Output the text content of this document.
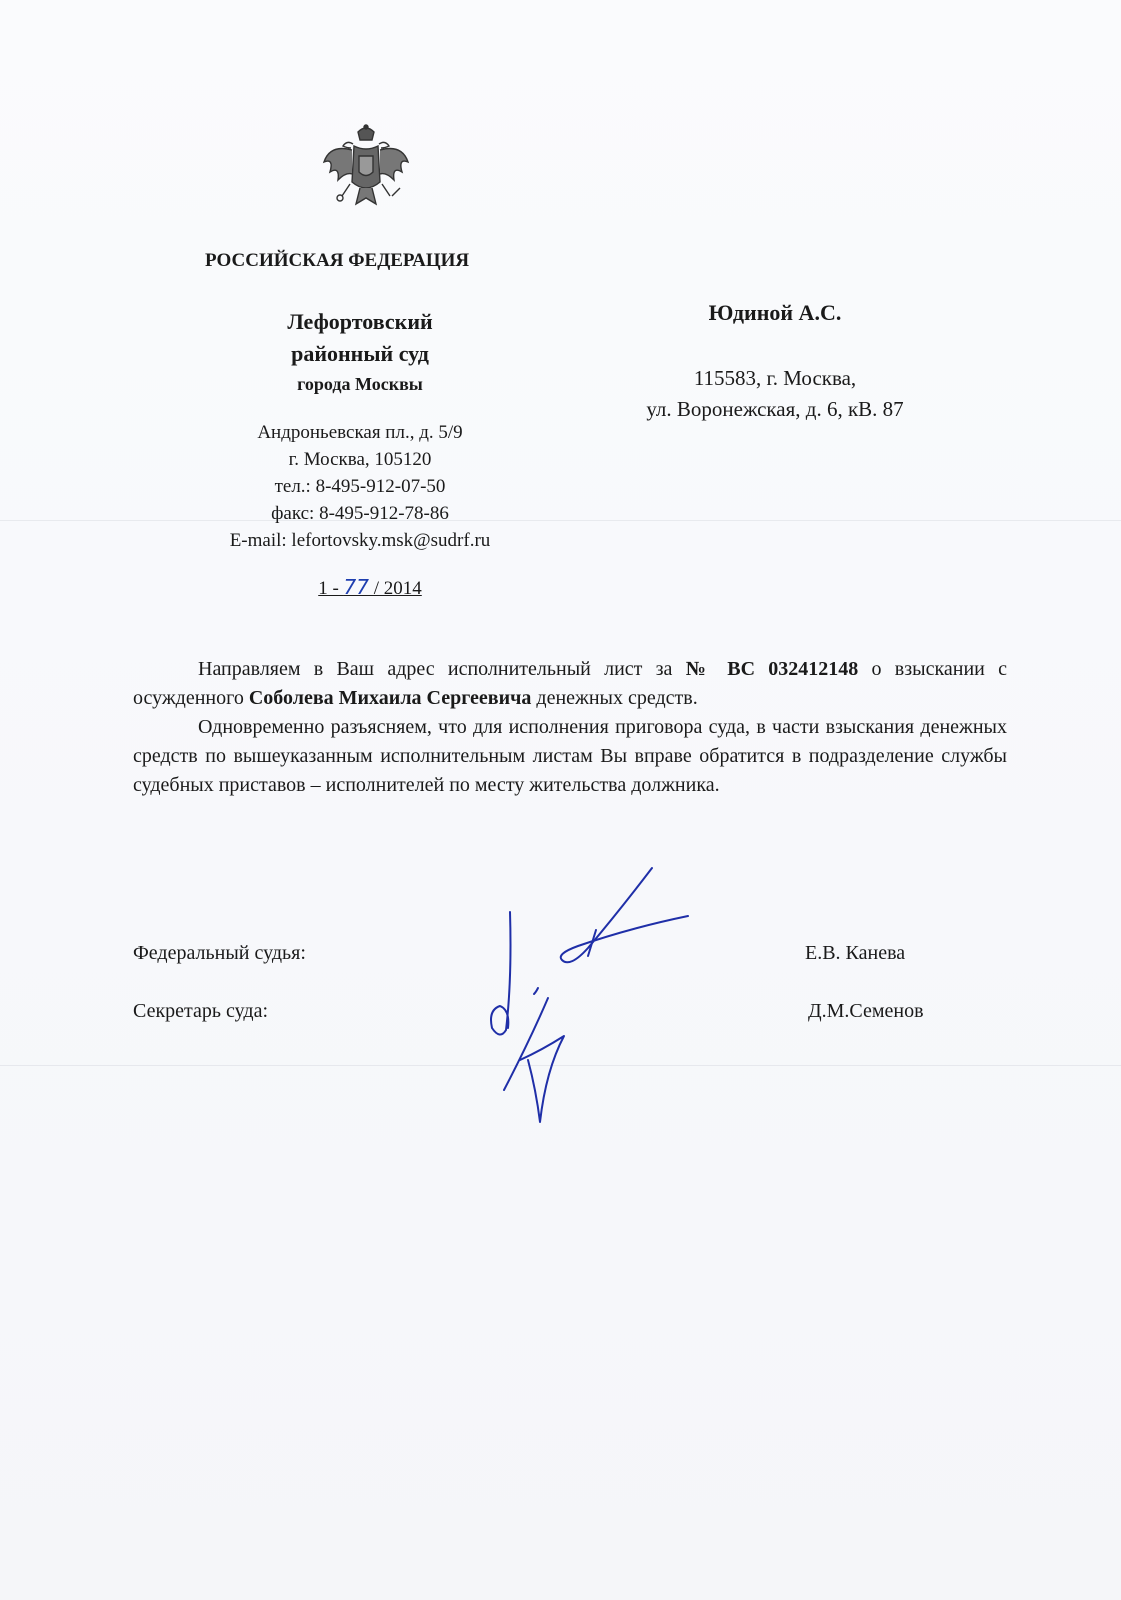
РОССИЙСКАЯ ФЕДЕРАЦИЯ
Лефортовский
районный суд
города Москвы
Андроньевская пл., д. 5/9
г. Москва, 105120
тел.: 8-495-912-07-50
факс: 8-495-912-78-86
E-mail: lefortovsky.msk@sudrf.ru
1 - 77 / 2014
Юдиной А.С.
115583, г. Москва,
ул. Воронежская, д. 6, кВ. 87

Направляем в Ваш адрес исполнительный лист за № ВС 032412148 о взыскании с осужденного Соболева Михаила Сергеевича денежных средств.

Одновременно разъясняем, что для исполнения приговора суда, в части взыскания денежных средств по вышеуказанным исполнительным листам Вы вправе обратится в подразделение службы судебных приставов – исполнителей по месту жительства должника.

Федеральный судья:
Секретарь суда:
Е.В. Канева
Д.М.Семенов
